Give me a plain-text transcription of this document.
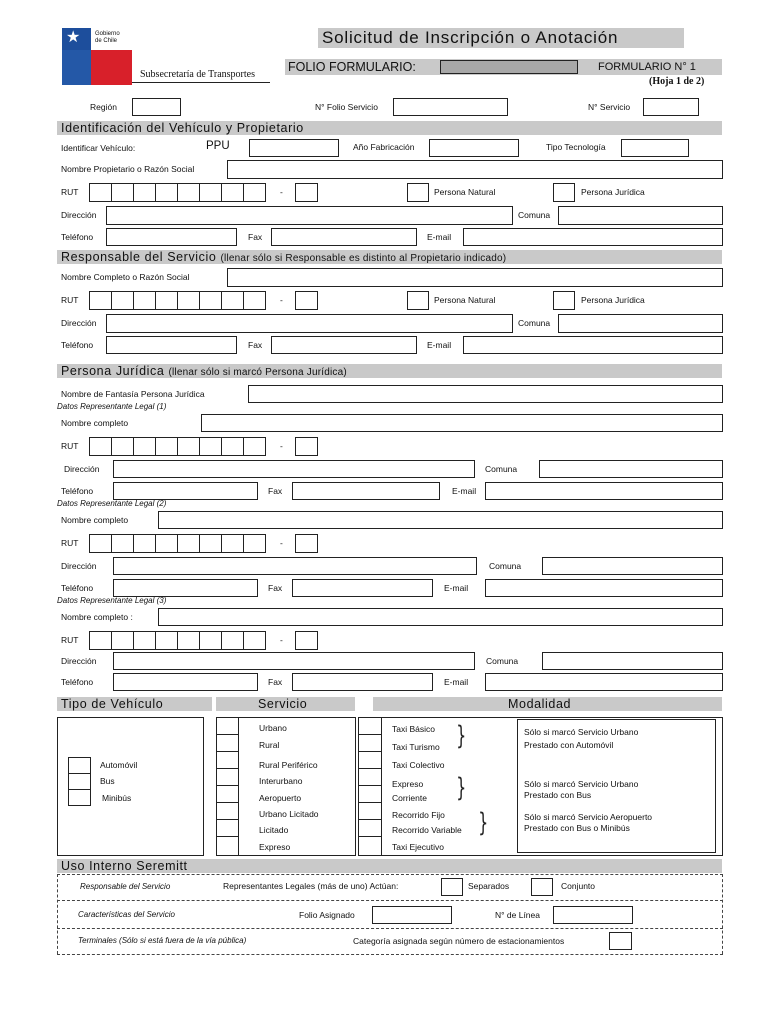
★ Gobierno
de Chile
Subsecretaría de Transportes
Solicitud de Inscripción o Anotación
FOLIO FORMULARIO:	FORMULARIO N° 1
(Hoja 1 de 2)
Región	N° Folio Servicio	N° Servicio
Identificación del Vehículo y Propietario
Identificar Vehículo:	PPU	Año Fabricación	Tipo Tecnología
Nombre Propietario o Razón Social
RUT	-	Persona Natural	Persona Jurídica
Dirección	Comuna
Teléfono	Fax	E-mail
Responsable del Servicio (llenar sólo si Responsable es distinto al Propietario indicado)
Nombre Completo o Razón Social
RUT	-	Persona Natural	Persona Jurídica
Dirección	Comuna
Teléfono	Fax	E-mail
Persona Jurídica (llenar sólo si marcó Persona Jurídica)
Nombre de Fantasía Persona Jurídica
Datos Representante Legal (1)
Nombre completo
RUT	-
Dirección	Comuna
Teléfono	Fax	E-mail
Datos Representante Legal (2)
Nombre completo
RUT	-
Dirección	Comuna
Teléfono	Fax	E-mail
Datos Representante Legal (3)
Nombre completo :
RUT	-
Dirección	Comuna
Teléfono	Fax	E-mail
Tipo de Vehículo	Servicio	Modalidad
Automóvil
Bus
Minibús
Urbano
Rural
Rural Periférico
Interurbano
Aeropuerto
Urbano Licitado
Licitado
Expreso
Taxi Básico
Taxi Turismo
Taxi Colectivo
Expreso
Corriente
Recorrido Fijo
Recorrido Variable
Taxi Ejecutivo
}
}
}
Sólo si marcó Servicio Urbano
Prestado con Automóvil
Sólo si marcó Servicio Urbano
Prestado con Bus
Sólo si marcó Servicio Aeropuerto
Prestado con Bus o Minibús
Uso Interno Seremitt
Responsable del Servicio	Representantes Legales (más de uno) Actúan:	Separados	Conjunto
Características del Servicio	Folio Asignado	N° de Línea
Terminales (Sólo si está fuera de la vía pública)	Categoría asignada según número de estacionamientos
